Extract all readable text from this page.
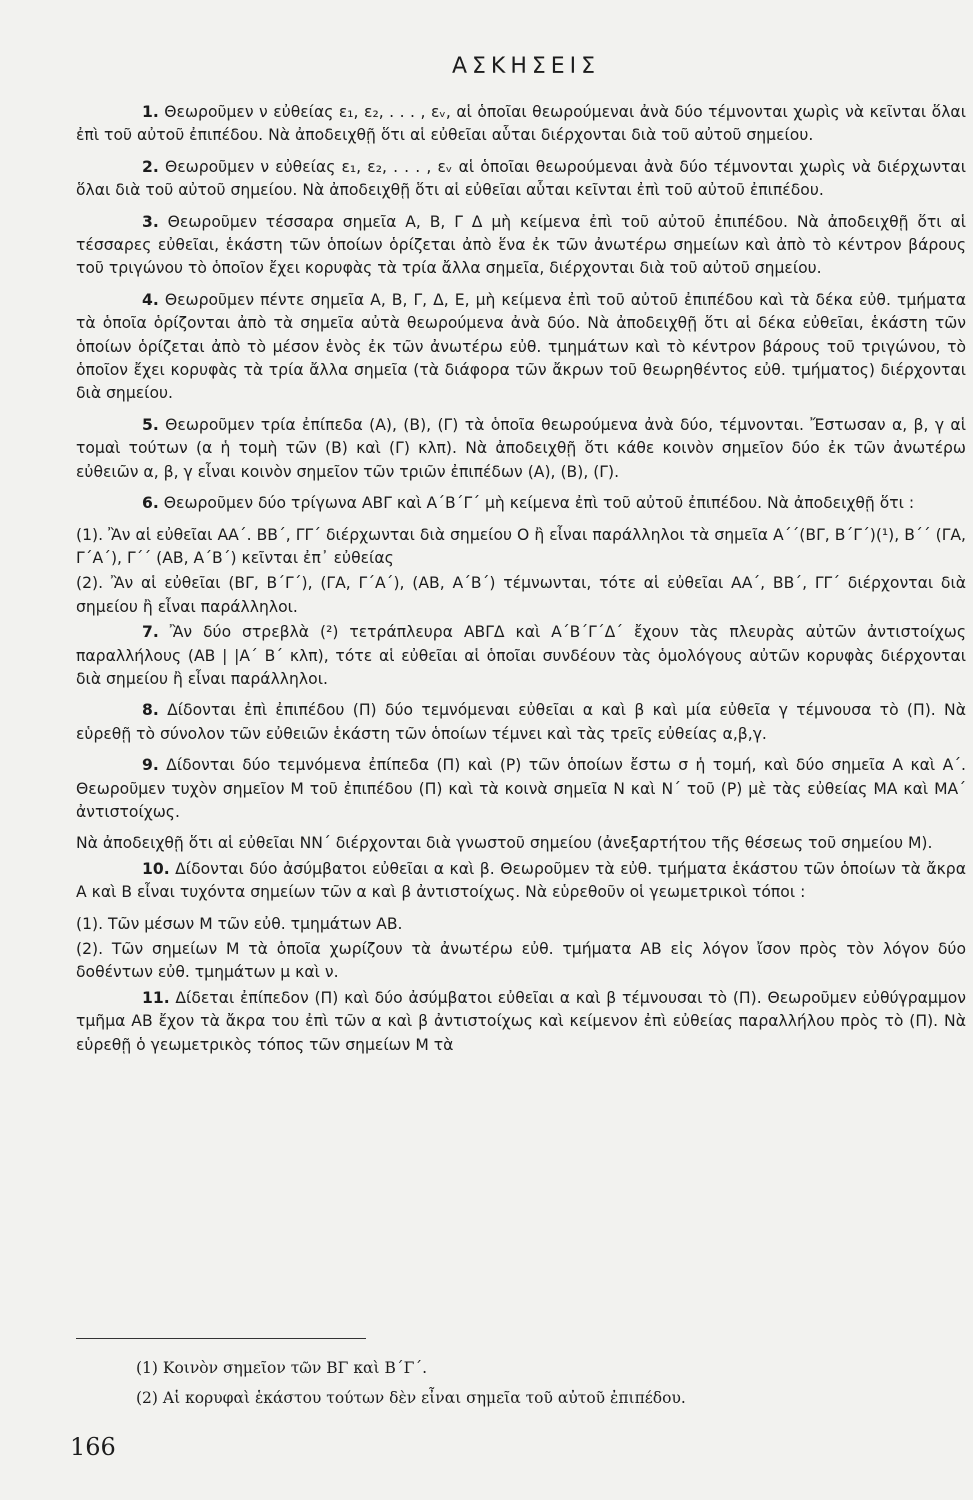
ΑΣΚΗΣΕΙΣ

1. Θεωροῦμεν ν εὐθείας ε₁, ε₂, . . . , εᵥ, αἱ ὁποῖαι θεωρούμεναι ἀνὰ δύο τέμνονται χωρὶς νὰ κεῖνται ὅλαι ἐπὶ τοῦ αὐτοῦ ἐπιπέδου. Νὰ ἀποδειχθῇ ὅτι αἱ εὐθεῖαι αὗται διέρχονται διὰ τοῦ αὐτοῦ σημείου.

2. Θεωροῦμεν ν εὐθείας ε₁, ε₂, . . . , εᵥ αἱ ὁποῖαι θεωρούμεναι ἀνὰ δύο τέμνονται χωρὶς νὰ διέρχωνται ὅλαι διὰ τοῦ αὐτοῦ σημείου. Νὰ ἀποδειχθῇ ὅτι αἱ εὐθεῖαι αὗται κεῖνται ἐπὶ τοῦ αὐτοῦ ἐπιπέδου.

3. Θεωροῦμεν τέσσαρα σημεῖα Α, Β, Γ Δ μὴ κείμενα ἐπὶ τοῦ αὐτοῦ ἐπιπέδου. Νὰ ἀποδειχθῇ ὅτι αἱ τέσσαρες εὐθεῖαι, ἑκάστη τῶν ὁποίων ὁρίζεται ἀπὸ ἕνα ἐκ τῶν ἀνωτέρω σημείων καὶ ἀπὸ τὸ κέντρον βάρους τοῦ τριγώνου τὸ ὁποῖον ἔχει κορυφὰς τὰ τρία ἄλλα σημεῖα, διέρχονται διὰ τοῦ αὐτοῦ σημείου.

4. Θεωροῦμεν πέντε σημεῖα Α, Β, Γ, Δ, Ε, μὴ κείμενα ἐπὶ τοῦ αὐτοῦ ἐπιπέδου καὶ τὰ δέκα εὐθ. τμήματα τὰ ὁποῖα ὁρίζονται ἀπὸ τὰ σημεῖα αὐτὰ θεωρούμενα ἀνὰ δύο. Νὰ ἀποδειχθῇ ὅτι αἱ δέκα εὐθεῖαι, ἑκάστη τῶν ὁποίων ὁρίζεται ἀπὸ τὸ μέσον ἑνὸς ἐκ τῶν ἀνωτέρω εὐθ. τμημάτων καὶ τὸ κέντρον βάρους τοῦ τριγώνου, τὸ ὁποῖον ἔχει κορυφὰς τὰ τρία ἄλλα σημεῖα (τὰ διάφορα τῶν ἄκρων τοῦ θεωρηθέντος εὐθ. τμήματος) διέρχονται διὰ σημείου.

5. Θεωροῦμεν τρία ἐπίπεδα (Α), (Β), (Γ) τὰ ὁποῖα θεωρούμενα ἀνὰ δύο, τέμνονται. Ἔστωσαν α, β, γ αἱ τομαὶ τούτων (α ἡ τομὴ τῶν (Β) καὶ (Γ) κλπ). Νὰ ἀποδειχθῇ ὅτι κάθε κοινὸν σημεῖον δύο ἐκ τῶν ἀνωτέρω εὐθειῶν α, β, γ εἶναι κοινὸν σημεῖον τῶν τριῶν ἐπιπέδων (Α), (Β), (Γ).

6. Θεωροῦμεν δύο τρίγωνα ΑΒΓ καὶ Α΄Β΄Γ΄ μὴ κείμενα ἐπὶ τοῦ αὐτοῦ ἐπιπέδου. Νὰ ἀποδειχθῇ ὅτι :

(1). Ἂν αἱ εὐθεῖαι ΑΑ΄. ΒΒ΄, ΓΓ΄ διέρχωνται διὰ σημείου Ο ἢ εἶναι παράλληλοι τὰ σημεῖα Α΄΄(ΒΓ, Β΄Γ΄)(¹), Β΄΄ (ΓΑ, Γ΄Α΄), Γ΄΄ (ΑΒ, Α΄Β΄) κεῖνται ἐπ᾽ εὐθείας

(2). Ἂν αἱ εὐθεῖαι (ΒΓ, Β΄Γ΄), (ΓΑ, Γ΄Α΄), (ΑΒ, Α΄Β΄) τέμνωνται, τότε αἱ εὐθεῖαι ΑΑ΄, ΒΒ΄, ΓΓ΄ διέρχονται διὰ σημείου ἢ εἶναι παράλληλοι.

7. Ἂν δύο στρεβλὰ (²) τετράπλευρα ΑΒΓΔ καὶ Α΄Β΄Γ΄Δ΄ ἔχουν τὰς πλευρὰς αὐτῶν ἀντιστοίχως παραλλήλους (ΑΒ | |Α΄ Β΄ κλπ), τότε αἱ εὐθεῖαι αἱ ὁποῖαι συνδέουν τὰς ὁμολόγους αὐτῶν κορυφὰς διέρχονται διὰ σημείου ἢ εἶναι παράλληλοι.

8. Δίδονται ἐπὶ ἐπιπέδου (Π) δύο τεμνόμεναι εὐθεῖαι α καὶ β καὶ μία εὐθεῖα γ τέμνουσα τὸ (Π). Νὰ εὑρεθῇ τὸ σύνολον τῶν εὐθειῶν ἑκάστη τῶν ὁποίων τέμνει καὶ τὰς τρεῖς εὐθείας α,β,γ.

9. Δίδονται δύο τεμνόμενα ἐπίπεδα (Π) καὶ (Ρ) τῶν ὁποίων ἔστω σ ἡ τομή, καὶ δύο σημεῖα Α καὶ Α΄. Θεωροῦμεν τυχὸν σημεῖον Μ τοῦ ἐπιπέδου (Π) καὶ τὰ κοινὰ σημεῖα Ν καὶ Ν΄ τοῦ (Ρ) μὲ τὰς εὐθείας ΜΑ καὶ ΜΑ΄ ἀντιστοίχως.

Νὰ ἀποδειχθῇ ὅτι αἱ εὐθεῖαι ΝΝ΄ διέρχονται διὰ γνωστοῦ σημείου (ἀνεξαρτήτου τῆς θέσεως τοῦ σημείου Μ).

10. Δίδονται δύο ἀσύμβατοι εὐθεῖαι α καὶ β. Θεωροῦμεν τὰ εὐθ. τμήματα ἑκάστου τῶν ὁποίων τὰ ἄκρα Α καὶ Β εἶναι τυχόντα σημείων τῶν α καὶ β ἀντιστοίχως. Νὰ εὑρεθοῦν οἱ γεωμετρικοὶ τόποι :

(1). Τῶν μέσων Μ τῶν εὐθ. τμημάτων ΑΒ.

(2). Τῶν σημείων Μ τὰ ὁποῖα χωρίζουν τὰ ἀνωτέρω εὐθ. τμήματα ΑΒ εἰς λόγον ἴσον πρὸς τὸν λόγον δύο δοθέντων εὐθ. τμημάτων μ καὶ ν.

11. Δίδεται ἐπίπεδον (Π) καὶ δύο ἀσύμβατοι εὐθεῖαι α καὶ β τέμνουσαι τὸ (Π). Θεωροῦμεν εὐθύγραμμον τμῆμα ΑΒ ἔχον τὰ ἄκρα του ἐπὶ τῶν α καὶ β ἀντιστοίχως καὶ κείμενον ἐπὶ εὐθείας παραλλήλου πρὸς τὸ (Π). Νὰ εὑρεθῇ ὁ γεωμετρικὸς τόπος τῶν σημείων Μ τὰ

(1) Κοινὸν σημεῖον τῶν ΒΓ καὶ Β΄Γ΄.
(2) Αἱ κορυφαὶ ἑκάστου τούτων δὲν εἶναι σημεῖα τοῦ αὐτοῦ ἐπιπέδου.
166
